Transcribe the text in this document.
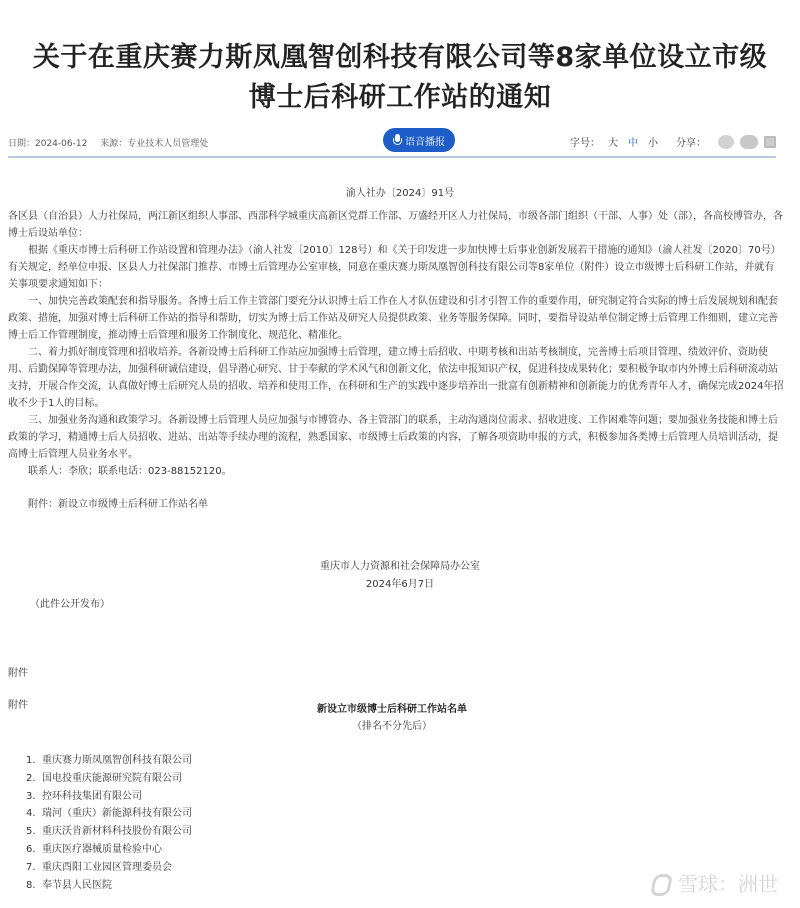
关于在重庆赛力斯凤凰智创科技有限公司等8家单位设立市级
博士后科研工作站的通知
日期：2024-06-12 来源：专业技术人员管理处	语音播报	字号： 大 中 小 分享：
渝人社办〔2024〕91号

各区县（自治县）人力社保局，两江新区组织人事部、西部科学城重庆高新区党群工作部、万盛经开区人力社保局，市级各部门组织（干部、人事）处（部），各高校博管办，各博士后设站单位：

根据《重庆市博士后科研工作站设置和管理办法》（渝人社发〔2010〕128号）和《关于印发进一步加快博士后事业创新发展若干措施的通知》（渝人社发〔2020〕70号）有关规定，经单位申报、区县人力社保部门推荐、市博士后管理办公室审核，同意在重庆赛力斯凤凰智创科技有限公司等8家单位（附件）设立市级博士后科研工作站，并就有关事项要求通知如下：

一、加快完善政策配套和指导服务。各博士后工作主管部门要充分认识博士后工作在人才队伍建设和引才引智工作的重要作用，研究制定符合实际的博士后发展规划和配套政策、措施，加强对博士后科研工作站的指导和帮助，切实为博士后工作站及研究人员提供政策、业务等服务保障。同时，要指导设站单位制定博士后管理工作细则，建立完善博士后工作管理制度，推动博士后管理和服务工作制度化、规范化、精准化。

二、着力抓好制度管理和招收培养。各新设博士后科研工作站应加强博士后管理，建立博士后招收、中期考核和出站考核制度，完善博士后项目管理、绩效评价、资助使用、后勤保障等管理办法，加强科研诚信建设，倡导潜心研究、甘于奉献的学术风气和创新文化，依法申报知识产权，促进科技成果转化；要积极争取市内外博士后科研流动站支持，开展合作交流，认真做好博士后研究人员的招收、培养和使用工作，在科研和生产的实践中逐步培养出一批富有创新精神和创新能力的优秀青年人才，确保完成2024年招收不少于1人的目标。

三、加强业务沟通和政策学习。各新设博士后管理人员应加强与市博管办、各主管部门的联系，主动沟通岗位需求、招收进度、工作困难等问题；要加强业务技能和博士后政策的学习，精通博士后人员招收、进站、出站等手续办理的流程，熟悉国家、市级博士后政策的内容，了解各项资助申报的方式，积极参加各类博士后管理人员培训活动，提高博士后管理人员业务水平。

联系人：李欣；联系电话：023-88152120。

附件：新设立市级博士后科研工作站名单

重庆市人力资源和社会保障局办公室
2024年6月7日
（此件公开发布）
附件
附件	新设立市级博士后科研工作站名单
（排名不分先后）
1. 重庆赛力斯凤凰智创科技有限公司
2. 国电投重庆能源研究院有限公司
3. 控环科技集团有限公司
4. 瑞河（重庆）新能源科技有限公司
5. 重庆沃肯新材料科技股份有限公司
6. 重庆医疗器械质量检验中心
7. 重庆酉阳工业园区管理委员会
8. 奉节县人民医院	雪球：洲世
